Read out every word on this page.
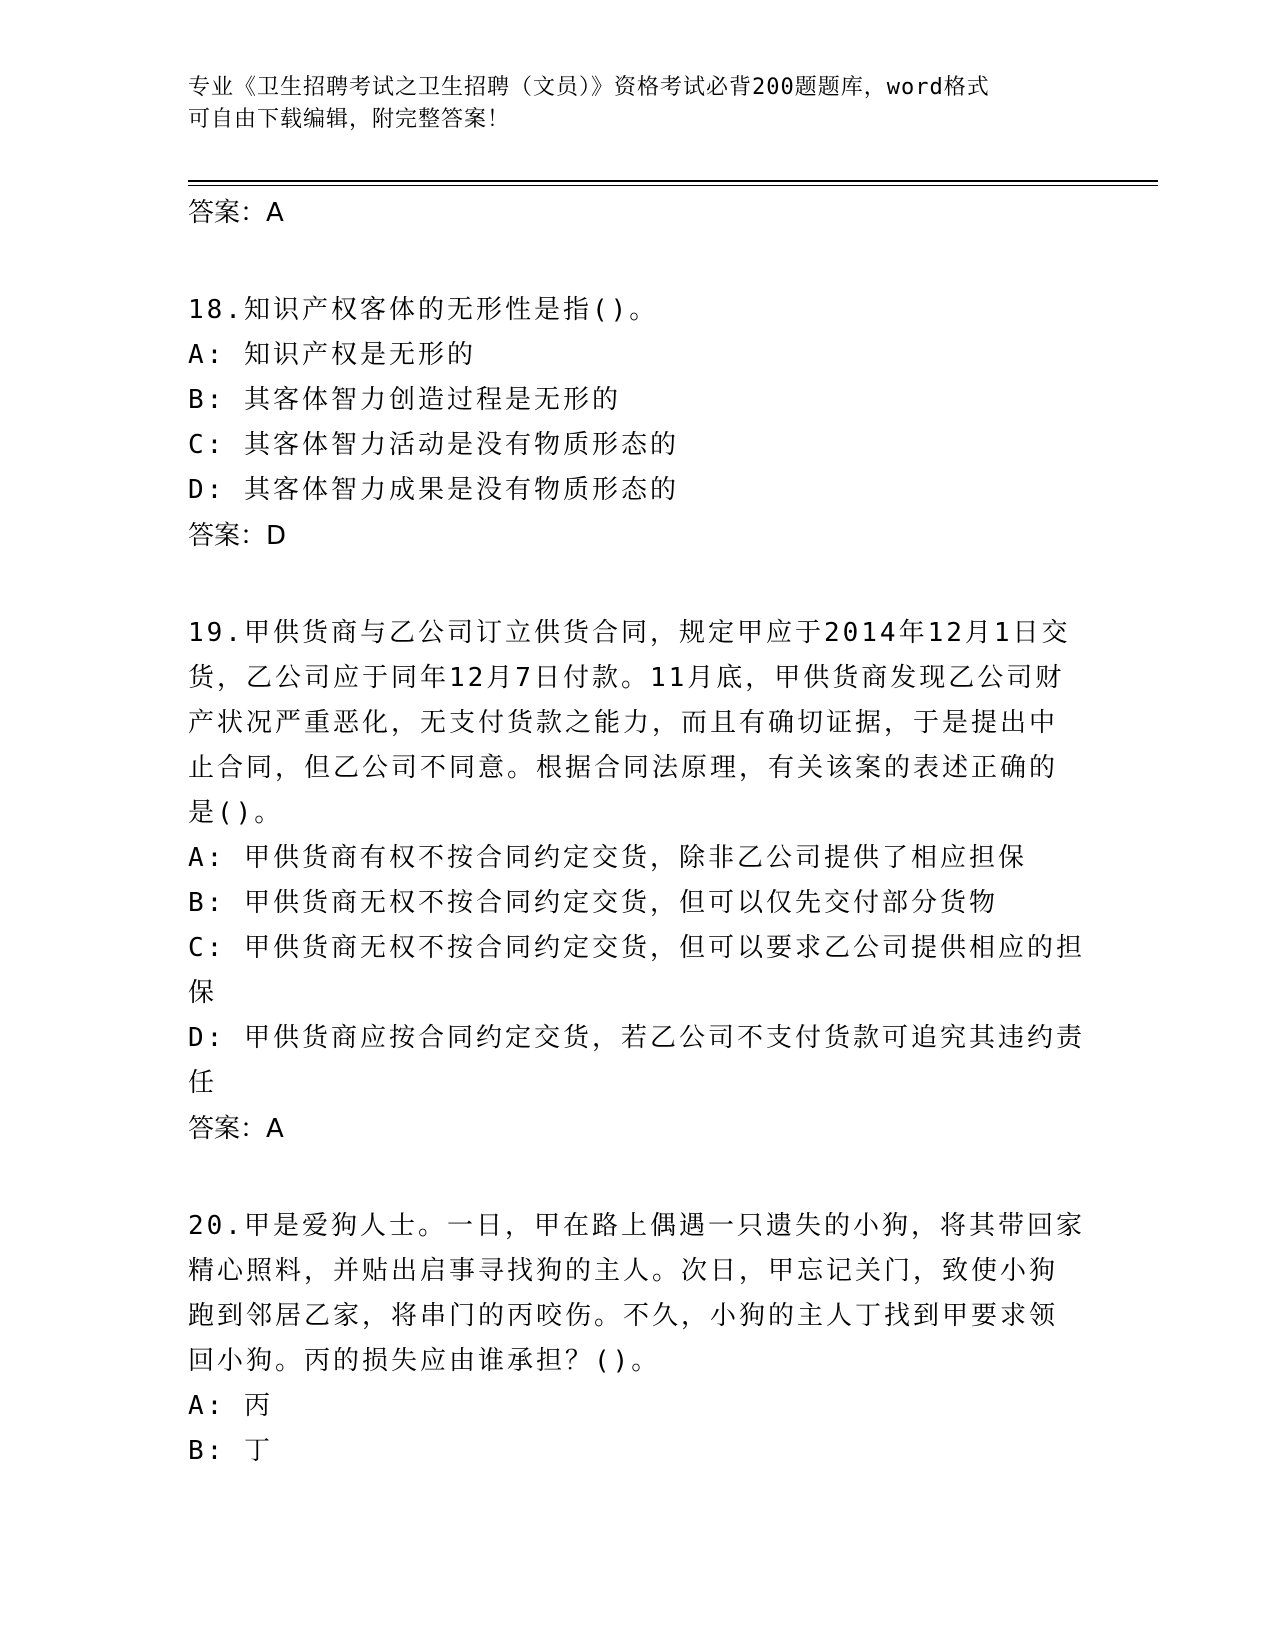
专业《卫生招聘考试之卫生招聘（文员）》资格考试必背200题题库，word格式
可自由下载编辑，附完整答案！

答案：A

18.知识产权客体的无形性是指()。

A: 知识产权是无形的

B: 其客体智力创造过程是无形的

C: 其客体智力活动是没有物质形态的

D: 其客体智力成果是没有物质形态的

答案：D

19.甲供货商与乙公司订立供货合同，规定甲应于2014年12月1日交

货，乙公司应于同年12月7日付款。11月底，甲供货商发现乙公司财

产状况严重恶化，无支付货款之能力，而且有确切证据，于是提出中

止合同，但乙公司不同意。根据合同法原理，有关该案的表述正确的

是()。

A: 甲供货商有权不按合同约定交货，除非乙公司提供了相应担保

B: 甲供货商无权不按合同约定交货，但可以仅先交付部分货物

C: 甲供货商无权不按合同约定交货，但可以要求乙公司提供相应的担

保

D: 甲供货商应按合同约定交货，若乙公司不支付货款可追究其违约责

任

答案：A

20.甲是爱狗人士。一日，甲在路上偶遇一只遗失的小狗，将其带回家

精心照料，并贴出启事寻找狗的主人。次日，甲忘记关门，致使小狗

跑到邻居乙家，将串门的丙咬伤。不久，小狗的主人丁找到甲要求领

回小狗。丙的损失应由谁承担？()。

A: 丙

B: 丁
